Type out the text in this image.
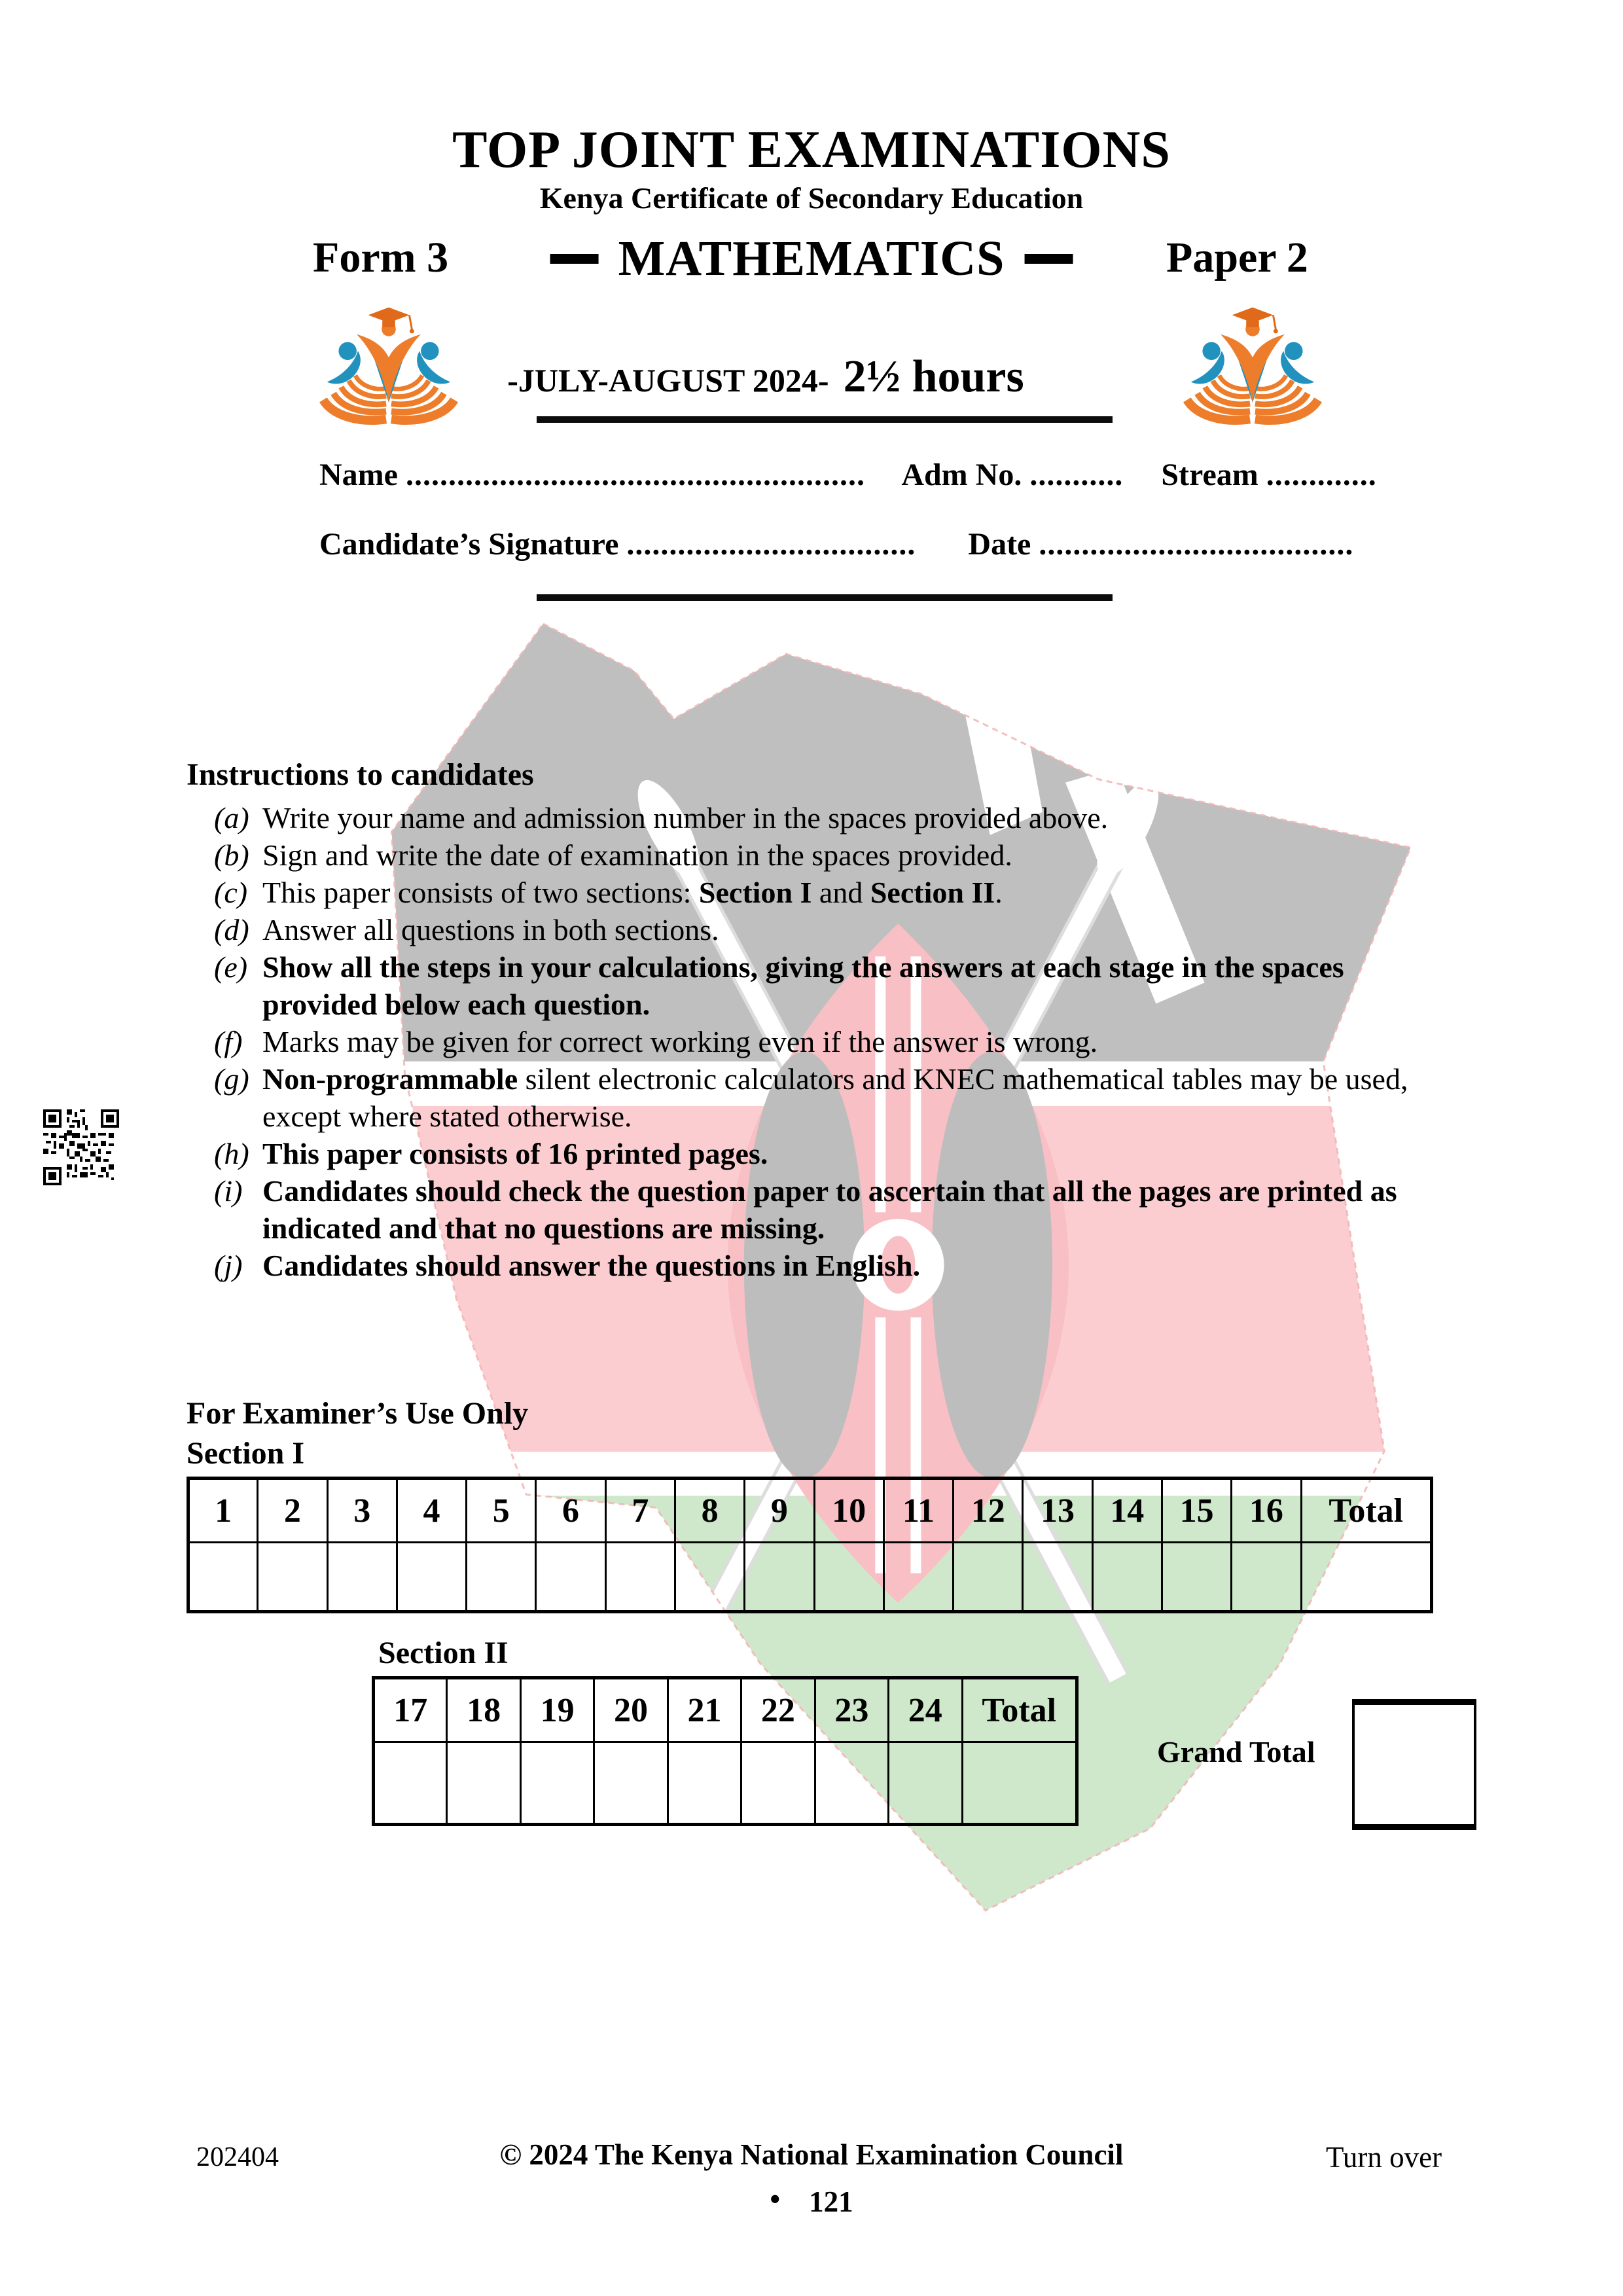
TOP JOINT EXAMINATIONS
Kenya Certificate of Secondary Education
Form 3	MATHEMATICS	Paper 2
-JULY-AUGUST 2024- 2½ hours
Name ...................................................... Adm No. ........... Stream .............
Candidate’s Signature .................................. Date .....................................
Instructions to candidates
(a) Write your name and admission number in the spaces provided above.
(b) Sign and write the date of examination in the spaces provided.
(c) This paper consists of two sections: Section I and Section II.
(d) Answer all questions in both sections.
(e) Show all the steps in your calculations, giving the answers at each stage in the spaces provided below each question.
(f) Marks may be given for correct working even if the answer is wrong.
(g) Non-programmable silent electronic calculators and KNEC mathematical tables may be used, except where stated otherwise.
(h) This paper consists of 16 printed pages.
(i) Candidates should check the question paper to ascertain that all the pages are printed as indicated and that no questions are missing.
(j) Candidates should answer the questions in English.
For Examiner’s Use Only
Section I
1	2	3	4	5	6	7	8	9	10	11	12	13	14	15	16	Total

Section II
17	18	19	20	21	22	23	24	Total

Grand Total
202404	© 2024 The Kenya National Examination Council	Turn over
• 121
